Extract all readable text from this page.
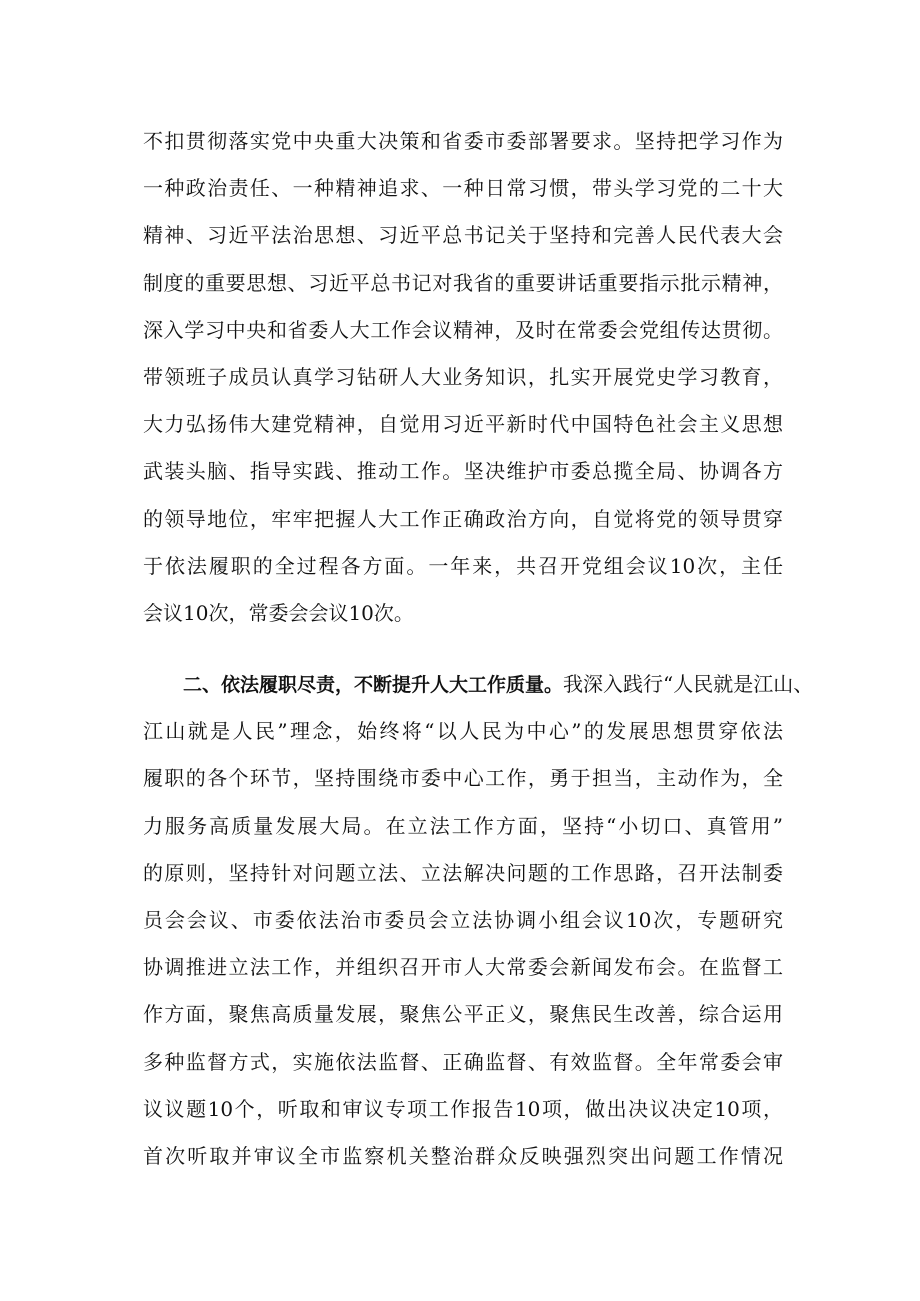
不扣贯彻落实党中央重大决策和省委市委部署要求。坚持把学习作为
一种政治责任、一种精神追求、一种日常习惯，带头学习党的二十大
精神、习近平法治思想、习近平总书记关于坚持和完善人民代表大会
制度的重要思想、习近平总书记对我省的重要讲话重要指示批示精神，
深入学习中央和省委人大工作会议精神，及时在常委会党组传达贯彻。
带领班子成员认真学习钻研人大业务知识，扎实开展党史学习教育，
大力弘扬伟大建党精神，自觉用习近平新时代中国特色社会主义思想
武装头脑、指导实践、推动工作。坚决维护市委总揽全局、协调各方
的领导地位，牢牢把握人大工作正确政治方向，自觉将党的领导贯穿
于依法履职的全过程各方面。一年来，共召开党组会议10次，主任
会议10次，常委会会议10次。
二、依法履职尽责，不断提升人大工作质量。我深入践行“人民就是江山、
江山就是人民”理念，始终将“以人民为中心”的发展思想贯穿依法
履职的各个环节，坚持围绕市委中心工作，勇于担当，主动作为，全
力服务高质量发展大局。在立法工作方面，坚持“小切口、真管用”
的原则，坚持针对问题立法、立法解决问题的工作思路，召开法制委
员会会议、市委依法治市委员会立法协调小组会议10次，专题研究
协调推进立法工作，并组织召开市人大常委会新闻发布会。在监督工
作方面，聚焦高质量发展，聚焦公平正义，聚焦民生改善，综合运用
多种监督方式，实施依法监督、正确监督、有效监督。全年常委会审
议议题10个，听取和审议专项工作报告10项，做出决议决定10项，
首次听取并审议全市监察机关整治群众反映强烈突出问题工作情况
